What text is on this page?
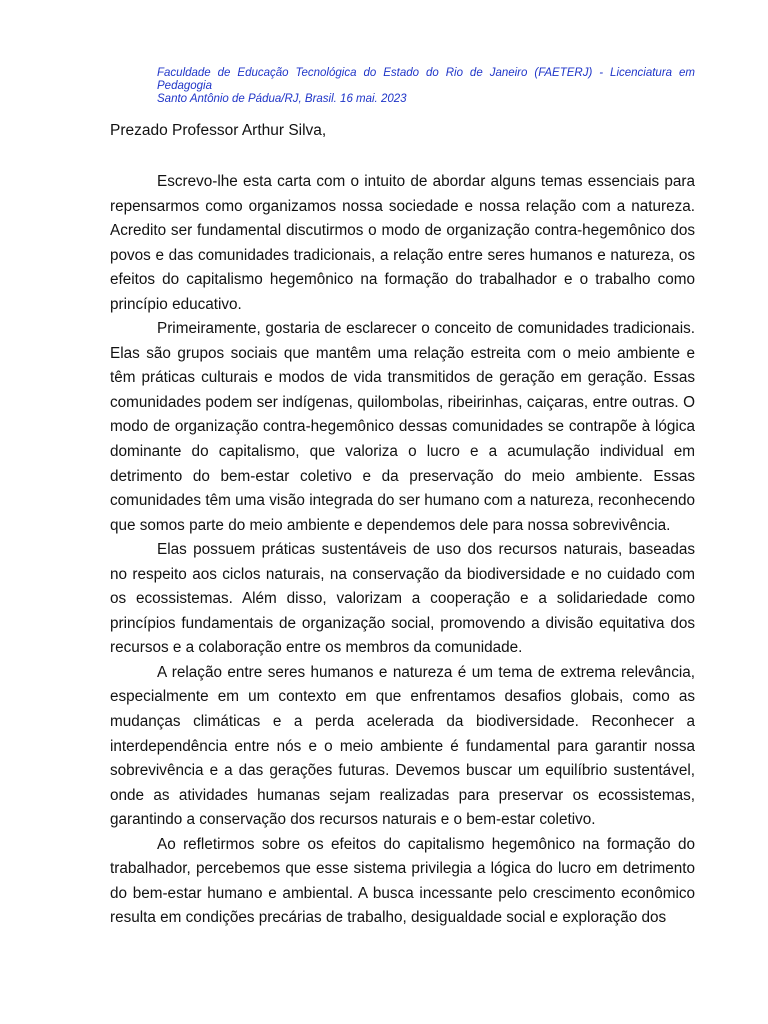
Faculdade de Educação Tecnológica do Estado do Rio de Janeiro (FAETERJ) - Licenciatura em Pedagogia
Santo Antônio de Pádua/RJ, Brasil. 16 mai. 2023
Prezado Professor Arthur Silva,

Escrevo-lhe esta carta com o intuito de abordar alguns temas essenciais para repensarmos como organizamos nossa sociedade e nossa relação com a natureza. Acredito ser fundamental discutirmos o modo de organização contra-hegemônico dos povos e das comunidades tradicionais, a relação entre seres humanos e natureza, os efeitos do capitalismo hegemônico na formação do trabalhador e o trabalho como princípio educativo.

Primeiramente, gostaria de esclarecer o conceito de comunidades tradicionais. Elas são grupos sociais que mantêm uma relação estreita com o meio ambiente e têm práticas culturais e modos de vida transmitidos de geração em geração. Essas comunidades podem ser indígenas, quilombolas, ribeirinhas, caiçaras, entre outras. O modo de organização contra-hegemônico dessas comunidades se contrapõe à lógica dominante do capitalismo, que valoriza o lucro e a acumulação individual em detrimento do bem-estar coletivo e da preservação do meio ambiente. Essas comunidades têm uma visão integrada do ser humano com a natureza, reconhecendo que somos parte do meio ambiente e dependemos dele para nossa sobrevivência.

Elas possuem práticas sustentáveis de uso dos recursos naturais, baseadas no respeito aos ciclos naturais, na conservação da biodiversidade e no cuidado com os ecossistemas. Além disso, valorizam a cooperação e a solidariedade como princípios fundamentais de organização social, promovendo a divisão equitativa dos recursos e a colaboração entre os membros da comunidade.

A relação entre seres humanos e natureza é um tema de extrema relevância, especialmente em um contexto em que enfrentamos desafios globais, como as mudanças climáticas e a perda acelerada da biodiversidade. Reconhecer a interdependência entre nós e o meio ambiente é fundamental para garantir nossa sobrevivência e a das gerações futuras. Devemos buscar um equilíbrio sustentável, onde as atividades humanas sejam realizadas para preservar os ecossistemas, garantindo a conservação dos recursos naturais e o bem-estar coletivo.

Ao refletirmos sobre os efeitos do capitalismo hegemônico na formação do trabalhador, percebemos que esse sistema privilegia a lógica do lucro em detrimento do bem-estar humano e ambiental. A busca incessante pelo crescimento econômico resulta em condições precárias de trabalho, desigualdade social e exploração dos
